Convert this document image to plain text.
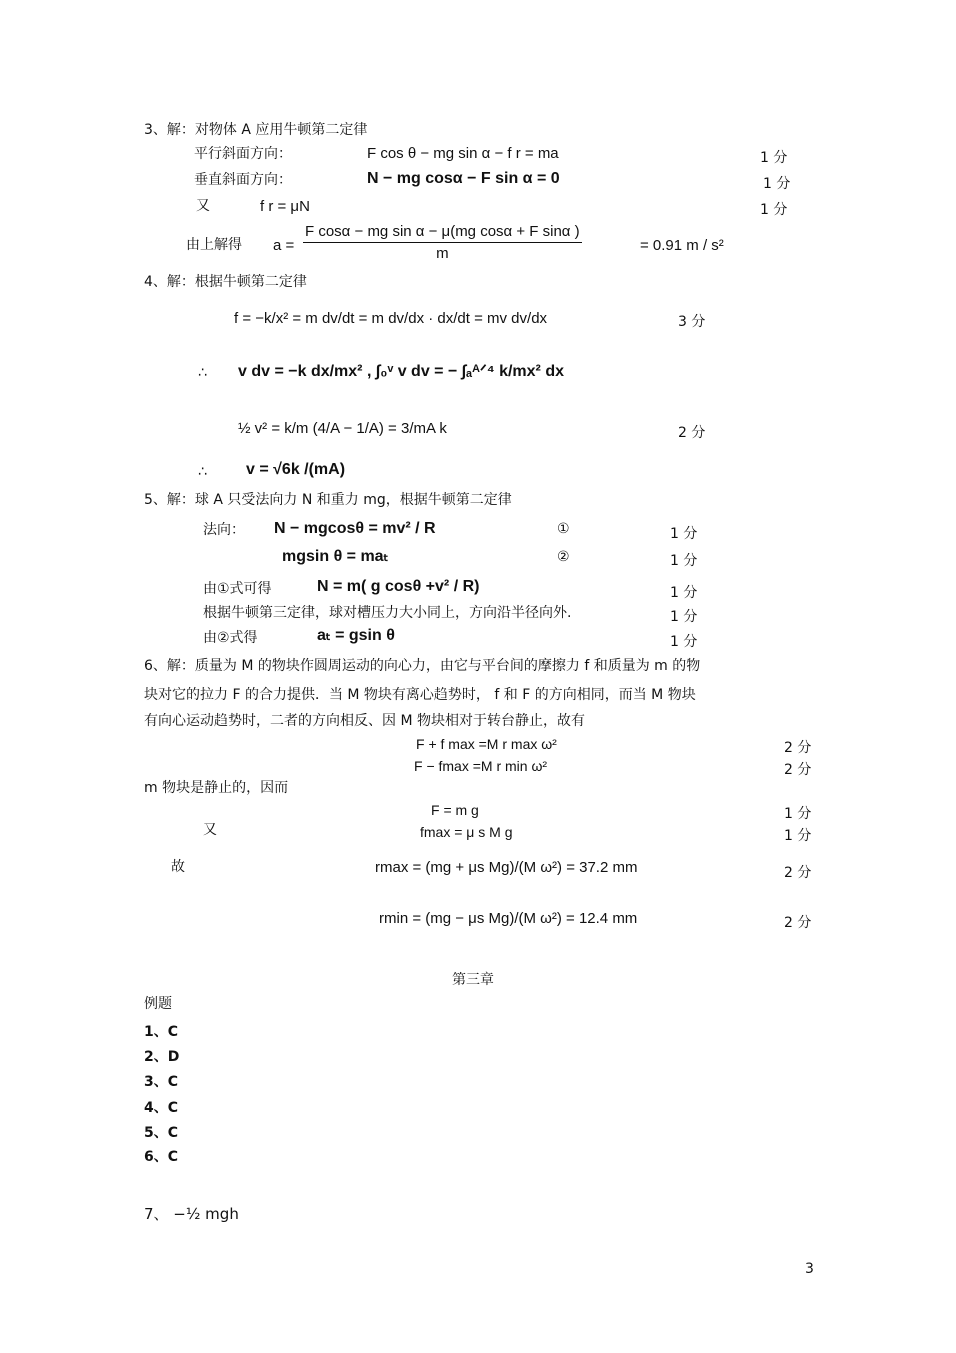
3、解：对物体 A 应用牛顿第二定律
平行斜面方向：	F cos θ − mg sin α − f r = ma	1 分
垂直斜面方向：	N − mg cosα − F sin α = 0	1 分
又	f r = μN	1 分
由上解得 $a = \frac{\text{F cosα − mg sin α − μ(mg cosα + F sinα )}}{m}$	= 0.91 m / s²
4、解：根据牛顿第二定律
f = −k/x² = m dv/dt = m dv/dx · dx/dt = mv dv/dx	3 分
∴ v dv = −k dx/mx² , ∫₀ᵛ v dv = − ∫ₐᴬᐟ⁴ k/mx² dx
½ v² = k/m (4/A − 1/A) = 3/mA k	2 分
∴ v = √6k /(mA)
5、解：球 A 只受法向力 N 和重力 mg，根据牛顿第二定律
法向： N − mgcosθ = mv² / R	①	1 分
mgsin θ = maₜ	②	1 分
由①式可得	N = m( g cosθ +v² / R)	1 分
根据牛顿第三定律，球对槽压力大小同上，方向沿半径向外.	1 分
由②式得	aₜ = gsin θ	1 分
6、解：质量为 M 的物块作圆周运动的向心力，由它与平台间的摩擦力 f 和质量为 m 的物
块对它的拉力 F 的合力提供．当 M 物块有离心趋势时， f 和 F 的方向相同，而当 M 物块
有向心运动趋势时，二者的方向相反、因 M 物块相对于转台静止，故有
F + f max =M r max ω²	2 分
F − fmax =M r min ω²	2 分
m 物块是静止的，因而
F = m g	1 分
又	fmax = μ s M g	1 分
故	rmax = (mg + μs Mg)/(M ω²) = 37.2 mm	2 分
rmin = (mg − μs Mg)/(M ω²) = 12.4 mm	2 分
第三章
例题
1、C
2、D
3、C
4、C
5、C
6、C
7、 −½ mgh
3
